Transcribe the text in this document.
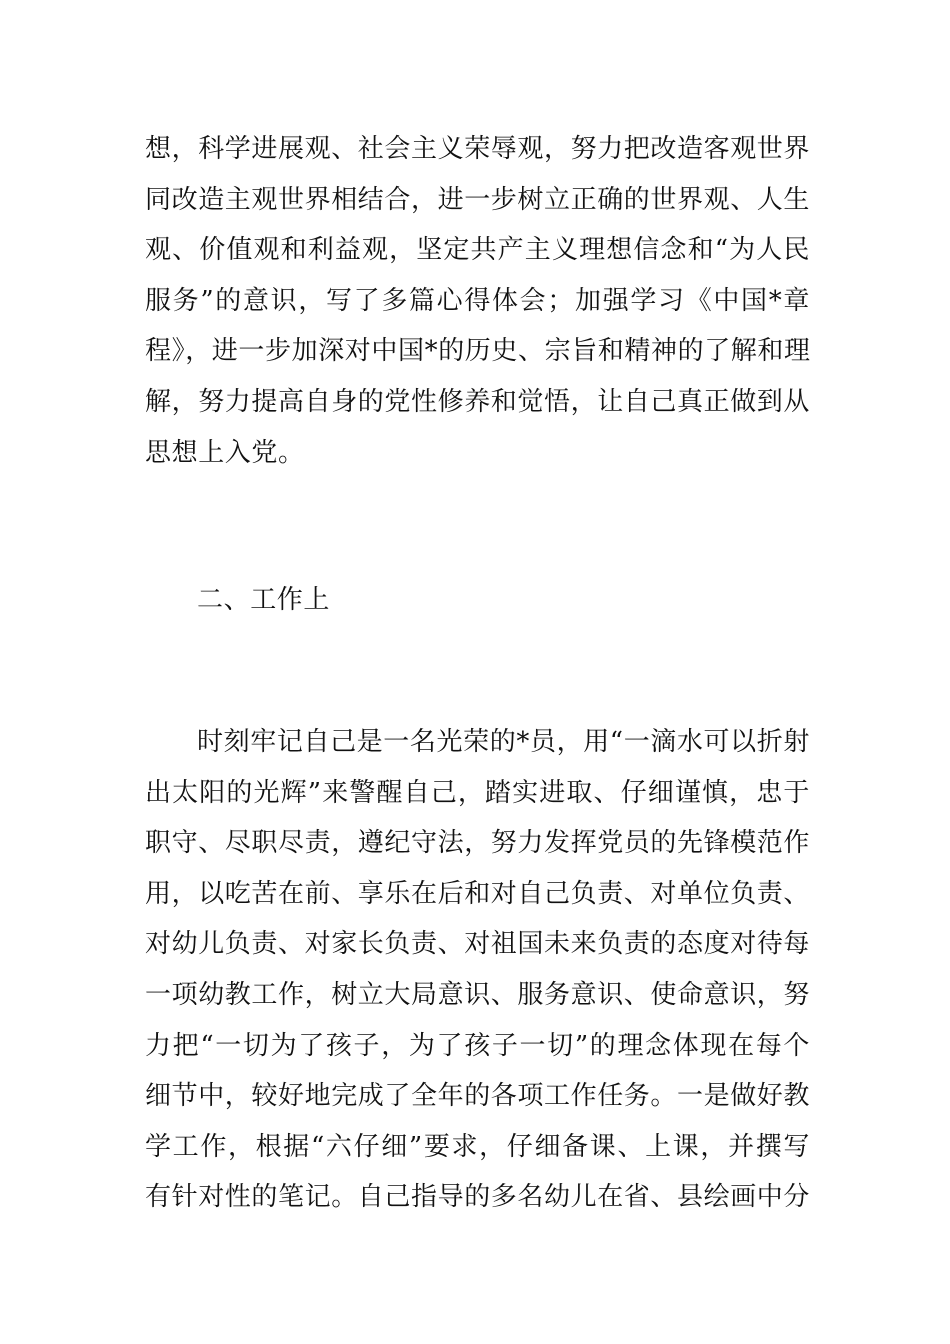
想，科学进展观、社会主义荣辱观，努力把改造客观世界
同改造主观世界相结合，进一步树立正确的世界观、人生
观、价值观和利益观，坚定共产主义理想信念和“为人民
服务”的意识，写了多篇心得体会；加强学习《中国*章
程》，进一步加深对中国*的历史、宗旨和精神的了解和理
解，努力提高自身的党性修养和觉悟，让自己真正做到从
思想上入党。
二、工作上
时刻牢记自己是一名光荣的*员，用“一滴水可以折射
出太阳的光辉”来警醒自己，踏实进取、仔细谨慎，忠于
职守、尽职尽责，遵纪守法，努力发挥党员的先锋模范作
用，以吃苦在前、享乐在后和对自己负责、对单位负责、
对幼儿负责、对家长负责、对祖国未来负责的态度对待每
一项幼教工作，树立大局意识、服务意识、使命意识，努
力把“一切为了孩子，为了孩子一切”的理念体现在每个
细节中，较好地完成了全年的各项工作任务。一是做好教
学工作，根据“六仔细”要求，仔细备课、上课，并撰写
有针对性的笔记。自己指导的多名幼儿在省、县绘画中分
